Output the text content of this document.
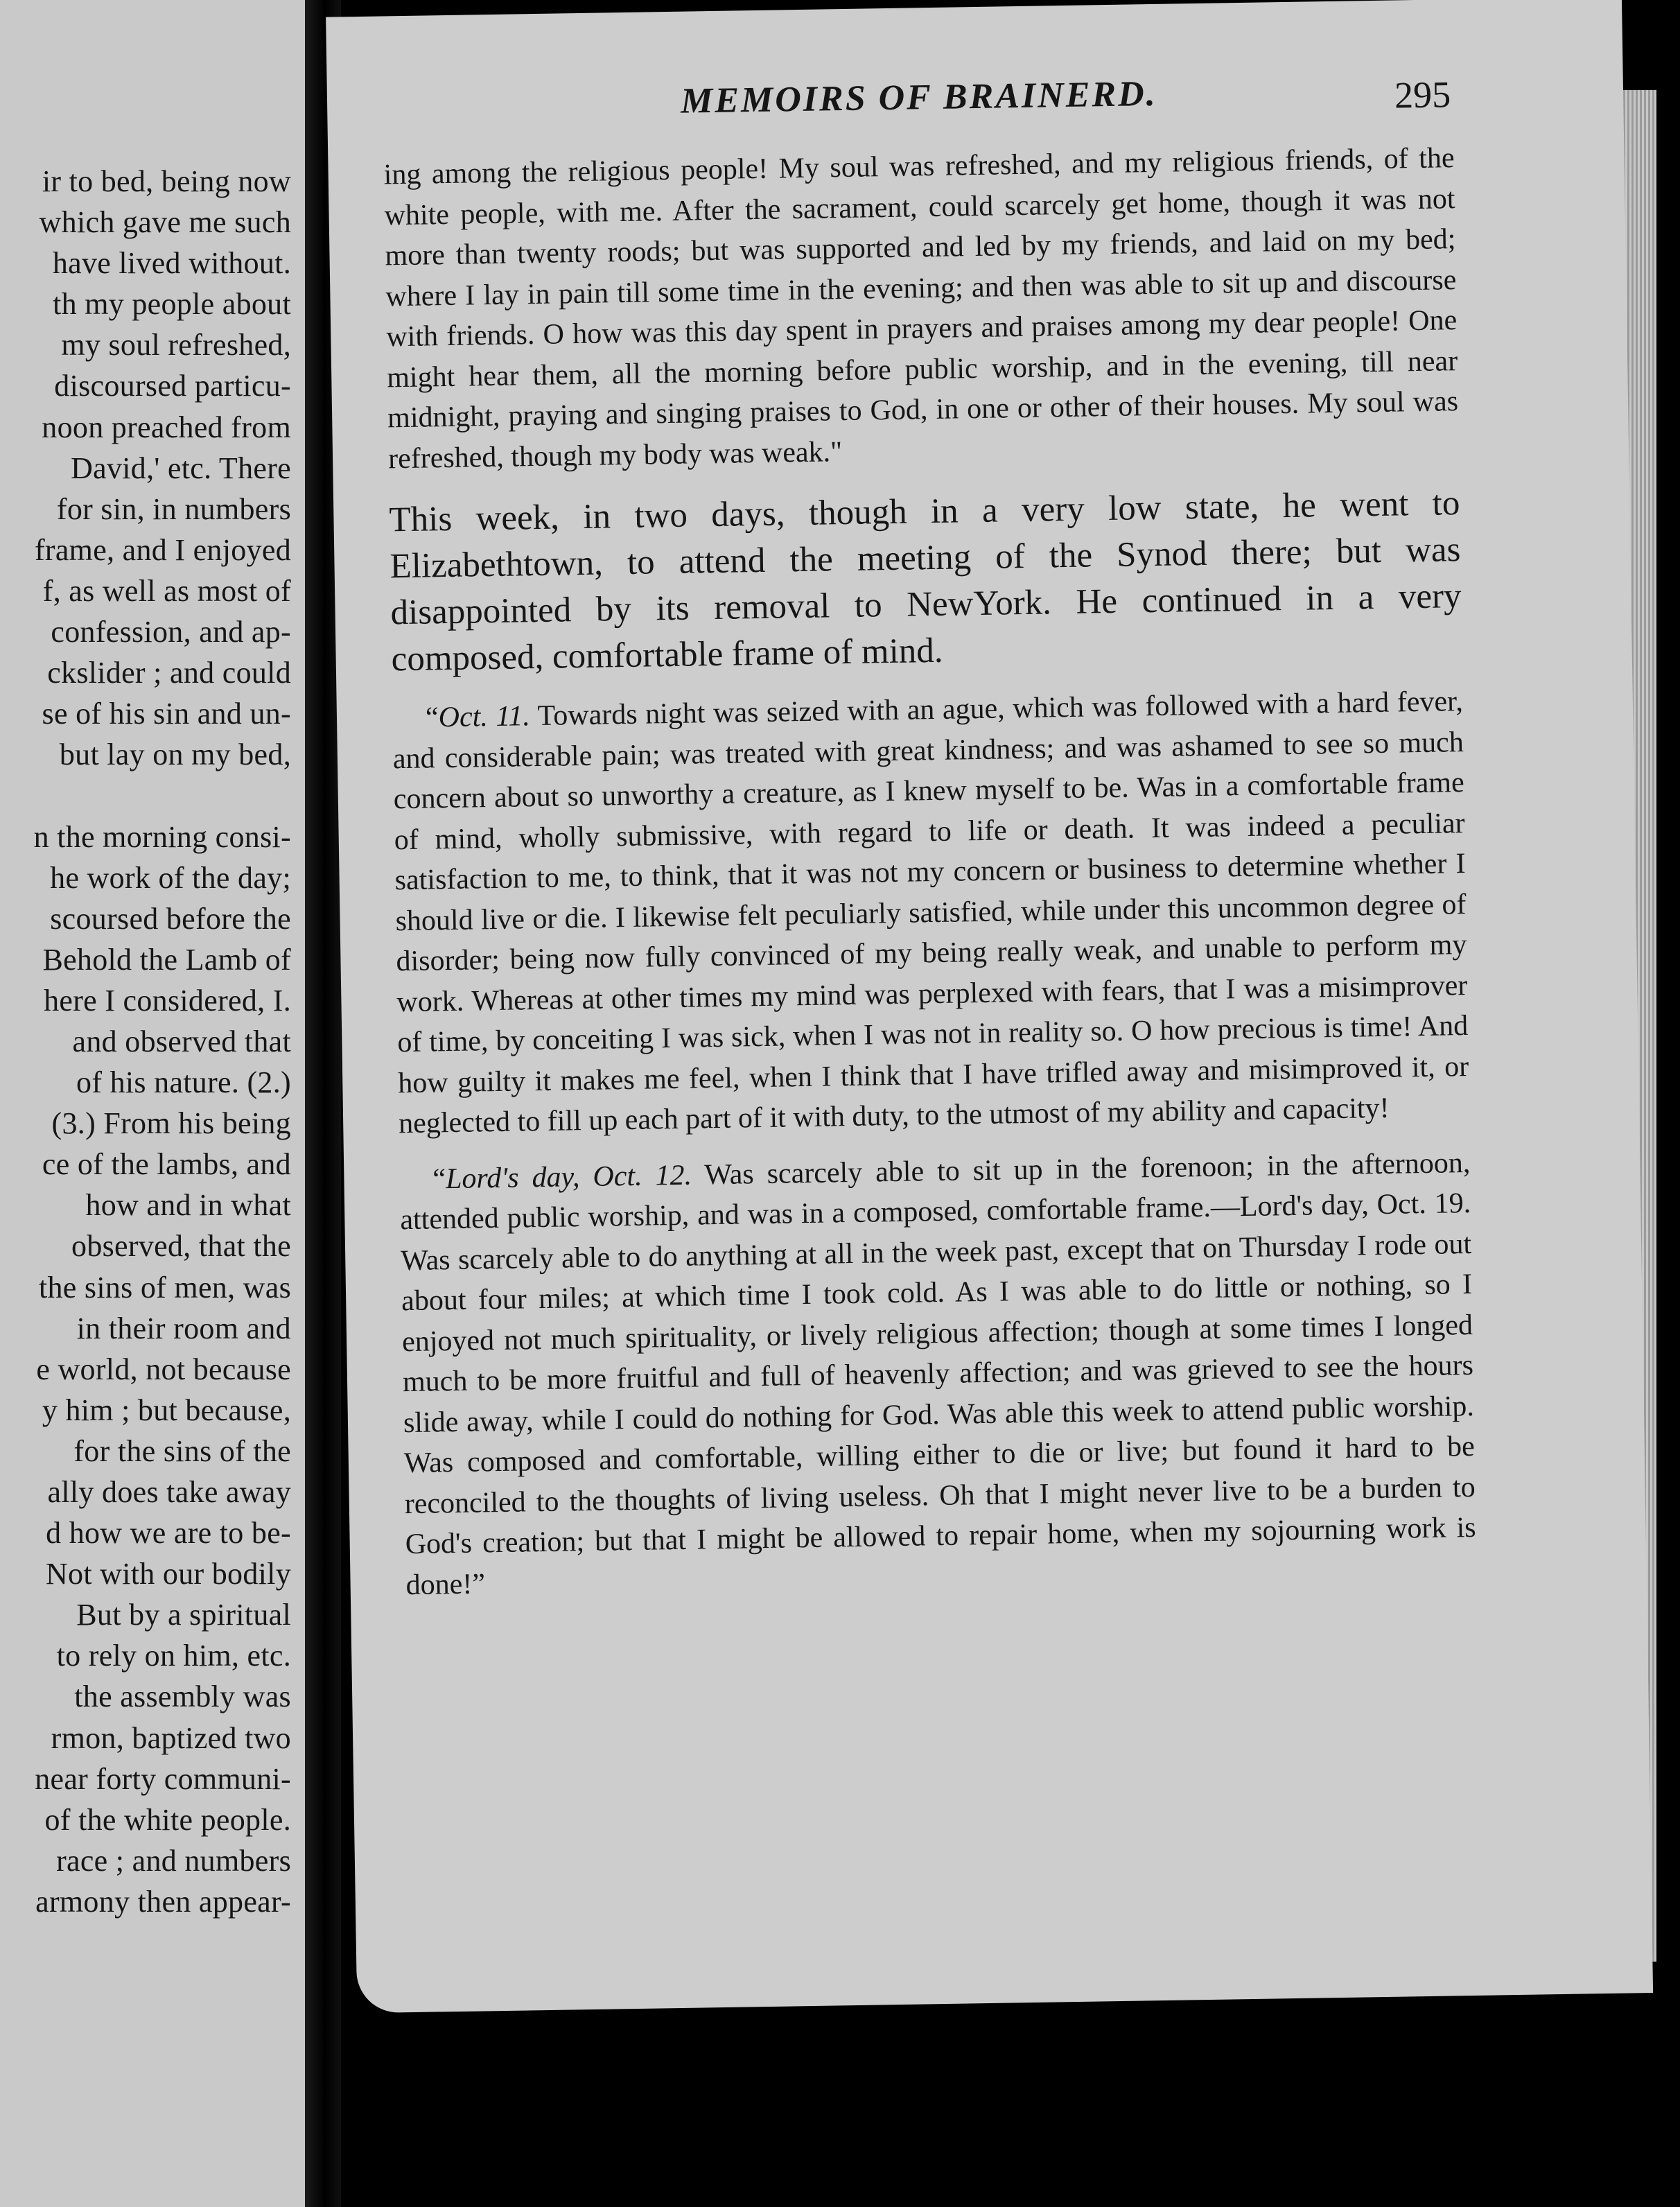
ir to bed, being now
which gave me such
have lived without.
th my people about
my soul refreshed,
discoursed particu-
noon preached from
David,' etc. There
for sin, in numbers
frame, and I enjoyed
f, as well as most of
confession, and ap-
ckslider ; and could
se of his sin and un-
but lay on my bed,
n the morning consi-
he work of the day;
scoursed before the
Behold the Lamb of
here I considered, I.
and observed that
of his nature. (2.)
(3.) From his being
ce of the lambs, and
how and in what
observed, that the
the sins of men, was
in their room and
e world, not because
y him ; but because,
for the sins of the
ally does take away
d how we are to be-
Not with our bodily
But by a spiritual
to rely on him, etc.
the assembly was
rmon, baptized two
near forty communi-
of the white people.
race ; and numbers
armony then appear-
MEMOIRS OF BRAINERD.	295

ing among the religious people! My soul was refreshed, and my religious friends, of the white people, with me. After the sacrament, could scarcely get home, though it was not more than twenty roods; but was supported and led by my friends, and laid on my bed; where I lay in pain till some time in the evening; and then was able to sit up and discourse with friends. O how was this day spent in prayers and praises among my dear people! One might hear them, all the morning before public worship, and in the evening, till near midnight, praying and singing praises to God, in one or other of their houses. My soul was refreshed, though my body was weak."

This week, in two days, though in a very low state, he went to Elizabethtown, to attend the meeting of the Synod there; but was disappointed by its removal to NewYork. He continued in a very composed, comfortable frame of mind.

“Oct. 11. Towards night was seized with an ague, which was followed with a hard fever, and considerable pain; was treated with great kindness; and was ashamed to see so much concern about so unworthy a creature, as I knew myself to be. Was in a comfortable frame of mind, wholly submissive, with regard to life or death. It was indeed a peculiar satisfaction to me, to think, that it was not my concern or business to determine whether I should live or die. I likewise felt peculiarly satisfied, while under this uncommon degree of disorder; being now fully convinced of my being really weak, and unable to perform my work. Whereas at other times my mind was perplexed with fears, that I was a misimprover of time, by conceiting I was sick, when I was not in reality so. O how precious is time! And how guilty it makes me feel, when I think that I have trifled away and misimproved it, or neglected to fill up each part of it with duty, to the utmost of my ability and capacity!

“Lord's day, Oct. 12. Was scarcely able to sit up in the forenoon; in the afternoon, attended public worship, and was in a composed, comfortable frame.—Lord's day, Oct. 19. Was scarcely able to do anything at all in the week past, except that on Thursday I rode out about four miles; at which time I took cold. As I was able to do little or nothing, so I enjoyed not much spirituality, or lively religious affection; though at some times I longed much to be more fruitful and full of heavenly affection; and was grieved to see the hours slide away, while I could do nothing for God. Was able this week to attend public worship. Was composed and comfortable, willing either to die or live; but found it hard to be reconciled to the thoughts of living useless. Oh that I might never live to be a burden to God's creation; but that I might be allowed to repair home, when my sojourning work is done!”
